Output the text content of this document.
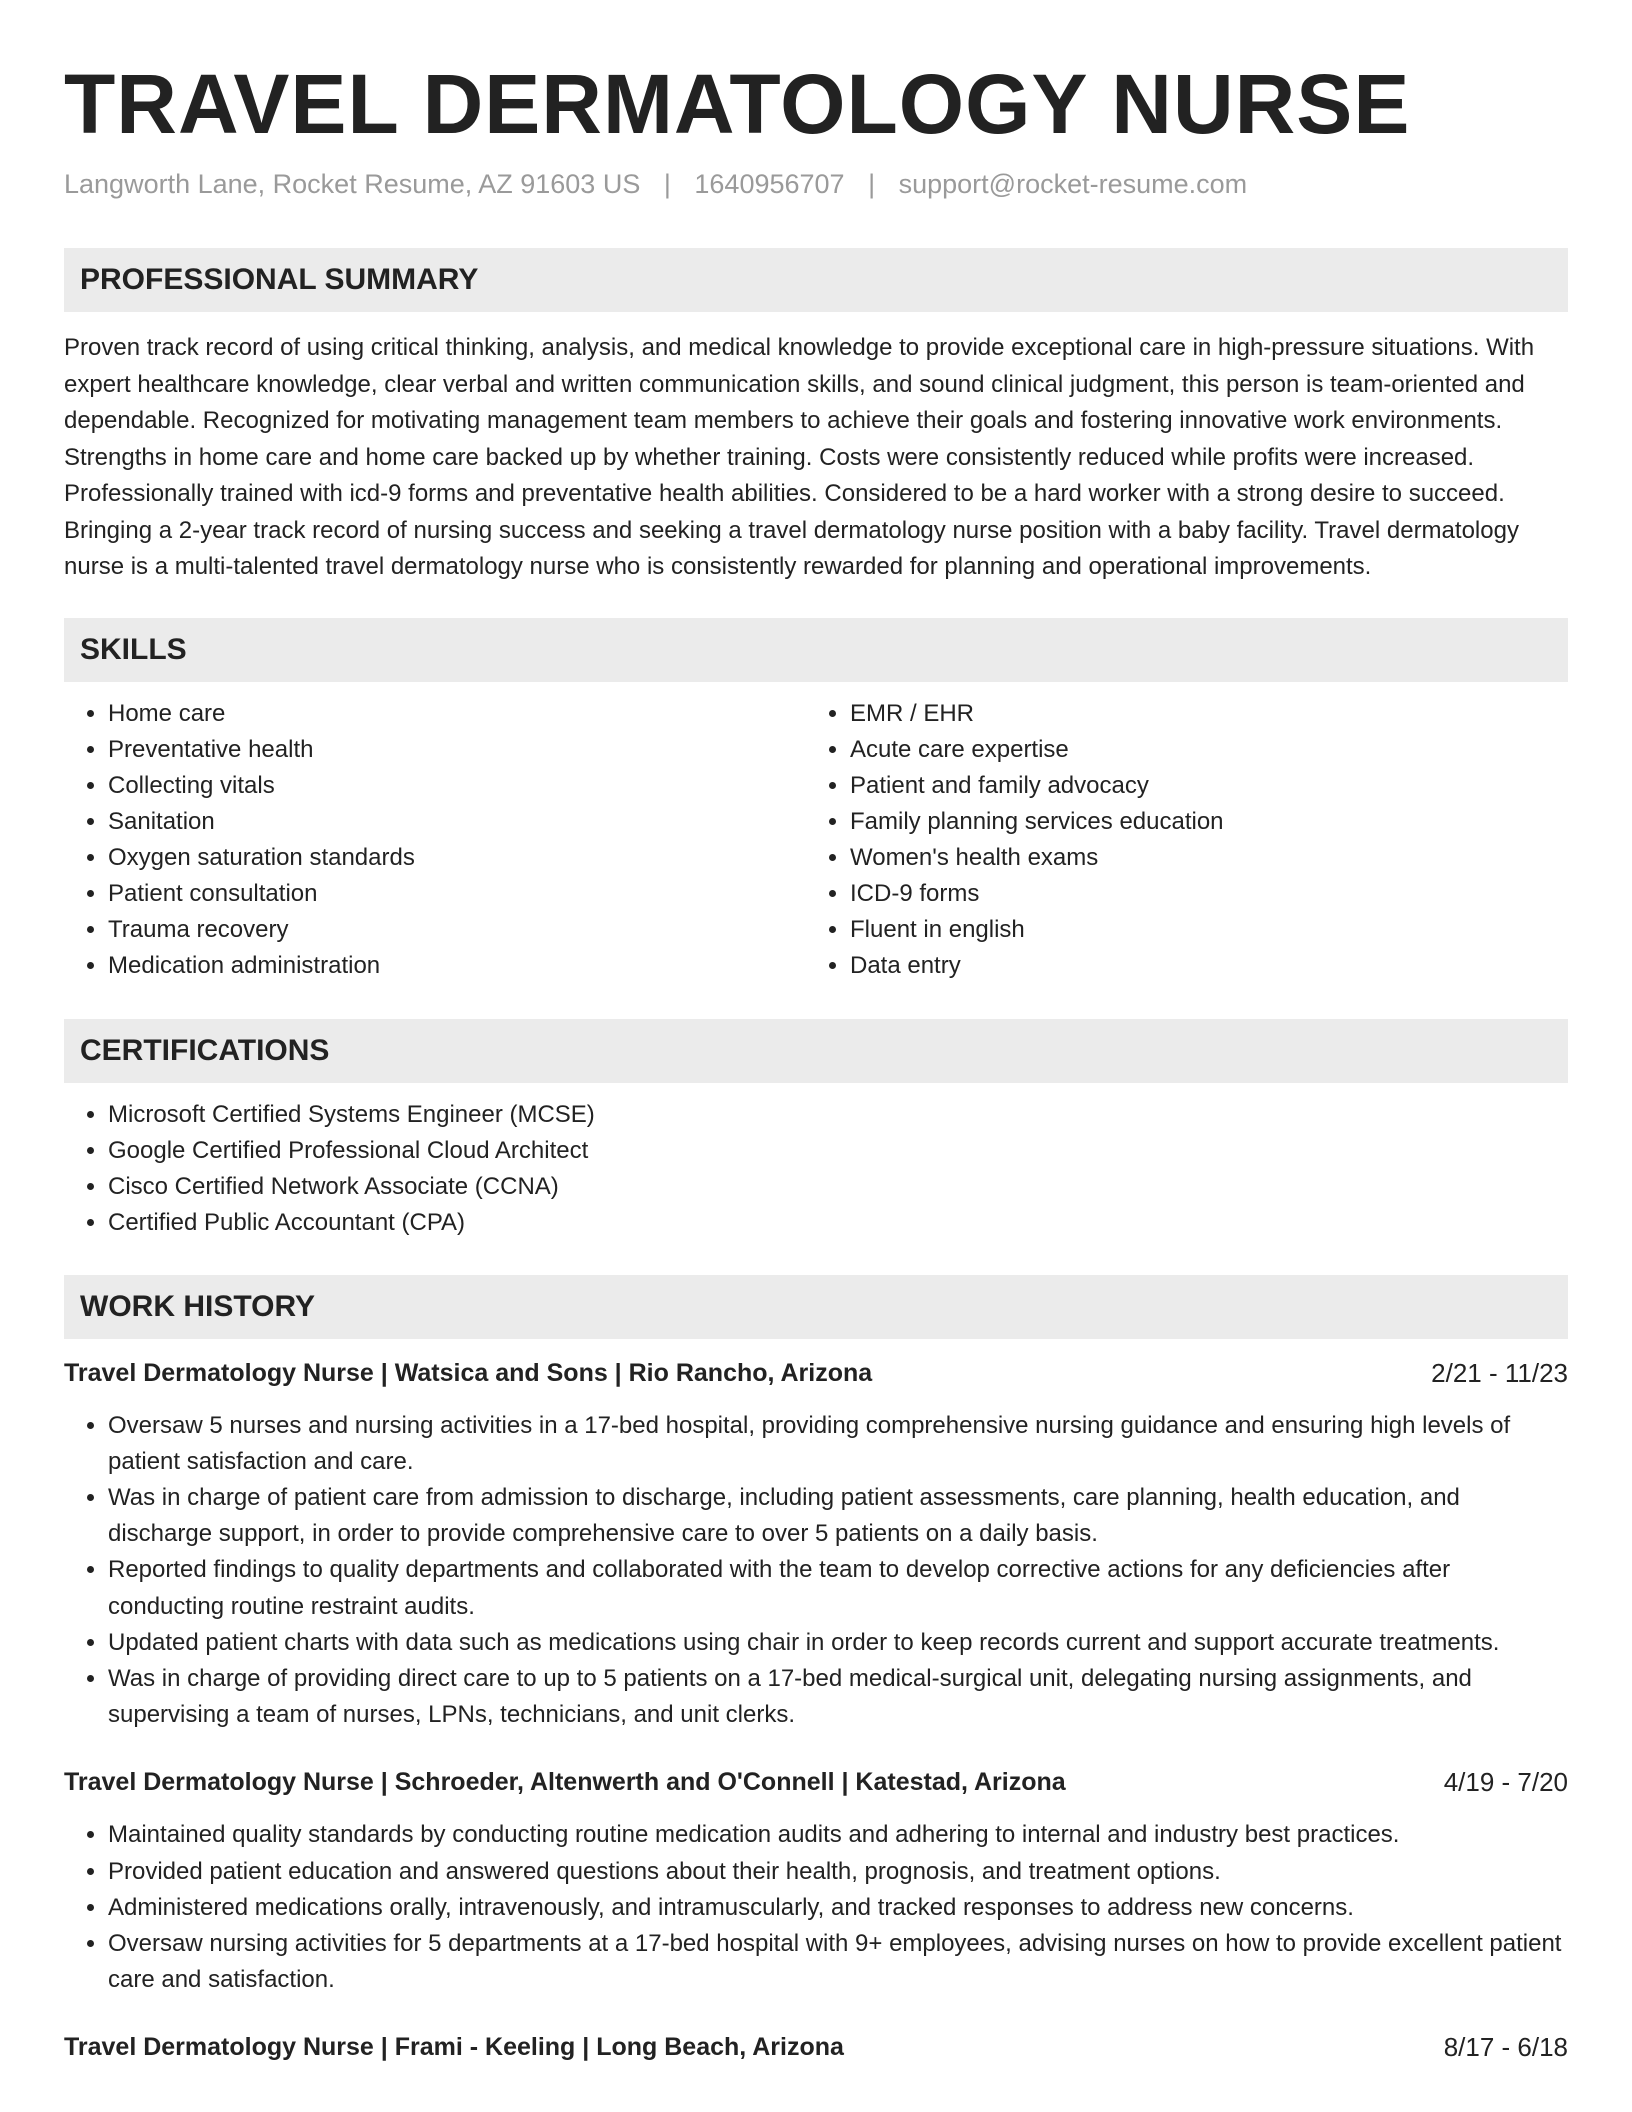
TRAVEL DERMATOLOGY NURSE
Langworth Lane, Rocket Resume, AZ 91603 US | 1640956707 | support@rocket-resume.com
PROFESSIONAL SUMMARY

Proven track record of using critical thinking, analysis, and medical knowledge to provide exceptional care in high-pressure situations. With expert healthcare knowledge, clear verbal and written communication skills, and sound clinical judgment, this person is team-oriented and dependable. Recognized for motivating management team members to achieve their goals and fostering innovative work environments. Strengths in home care and home care backed up by whether training. Costs were consistently reduced while profits were increased. Professionally trained with icd-9 forms and preventative health abilities. Considered to be a hard worker with a strong desire to succeed. Bringing a 2-year track record of nursing success and seeking a travel dermatology nurse position with a baby facility. Travel dermatology nurse is a multi-talented travel dermatology nurse who is consistently rewarded for planning and operational improvements.

SKILLS
• Home care
• Preventative health
• Collecting vitals
• Sanitation
• Oxygen saturation standards
• Patient consultation
• Trauma recovery
• Medication administration
• EMR / EHR
• Acute care expertise
• Patient and family advocacy
• Family planning services education
• Women's health exams
• ICD-9 forms
• Fluent in english
• Data entry
CERTIFICATIONS
• Microsoft Certified Systems Engineer (MCSE)
• Google Certified Professional Cloud Architect
• Cisco Certified Network Associate (CCNA)
• Certified Public Accountant (CPA)
WORK HISTORY
Travel Dermatology Nurse | Watsica and Sons | Rio Rancho, Arizona	2/21 - 11/23
• Oversaw 5 nurses and nursing activities in a 17-bed hospital, providing comprehensive nursing guidance and ensuring high levels of patient satisfaction and care.
• Was in charge of patient care from admission to discharge, including patient assessments, care planning, health education, and discharge support, in order to provide comprehensive care to over 5 patients on a daily basis.
• Reported findings to quality departments and collaborated with the team to develop corrective actions for any deficiencies after conducting routine restraint audits.
• Updated patient charts with data such as medications using chair in order to keep records current and support accurate treatments.
• Was in charge of providing direct care to up to 5 patients on a 17-bed medical-surgical unit, delegating nursing assignments, and supervising a team of nurses, LPNs, technicians, and unit clerks.
Travel Dermatology Nurse | Schroeder, Altenwerth and O'Connell | Katestad, Arizona	4/19 - 7/20
• Maintained quality standards by conducting routine medication audits and adhering to internal and industry best practices.
• Provided patient education and answered questions about their health, prognosis, and treatment options.
• Administered medications orally, intravenously, and intramuscularly, and tracked responses to address new concerns.
• Oversaw nursing activities for 5 departments at a 17-bed hospital with 9+ employees, advising nurses on how to provide excellent patient care and satisfaction.
Travel Dermatology Nurse | Frami - Keeling | Long Beach, Arizona	8/17 - 6/18
